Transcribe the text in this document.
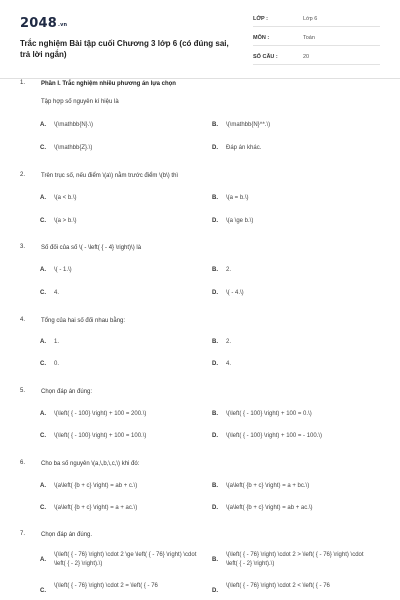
2048.vn
Trắc nghiệm Bài tập cuối Chương 3 lớp 6 (có đúng sai, trả lời ngắn)
LỚP :	Lớp 6
MÔN :	Toán
SỐ CÂU :	20
1.	Phần I. Trắc nghiệm nhiều phương án lựa chọn
Tập hợp số nguyên kí hiệu là
A. \(\mathbb{N}.\)	B. \(\mathbb{N}^*.\)
C. \(\mathbb{Z}.\)	D. Đáp án khác.
2.	Trên trục số, nếu điểm \(a\) nằm trước điểm \(b\) thì
A. \(a < b.\)	B. \(a = b.\)
C. \(a > b.\)	D. \(a \ge b.\)
3.	Số đối của số \( - \left( { - 4} \right)\) là
A. \( - 1.\)	B. 2.
C. 4.	D. \( - 4.\)
4.	Tổng của hai số đối nhau bằng:
A. 1.	B. 2.
C. 0.	D. 4.
5.	Chọn đáp án đúng:
A. \(\left( { - 100} \right) + 100 = 200.\)	B. \(\left( { - 100} \right) + 100 = 0.\)
C. \(\left( { - 100} \right) + 100 = 100.\)	D. \(\left( { - 100} \right) + 100 = - 100.\)
6.	Cho ba số nguyên \(a,\,b,\,c,\) khi đó:
A. \(a\left( {b + c} \right) = ab + c.\)	B. \(a\left( {b + c} \right) = a + bc.\)
C. \(a\left( {b + c} \right) = a + ac.\)	D. \(a\left( {b + c} \right) = ab + ac.\)
7.	Chọn đáp án đúng.
A.
\(\left( { - 76} \right) \cdot 2 \ge \left( { - 76} \right) \cdot \left( { - 2} \right).\)
B.
\(\left( { - 76} \right) \cdot 2 > \left( { - 76} \right) \cdot \left( { - 2} \right).\)
C.
\(\left( { - 76} \right) \cdot 2 = \left( { - 76
D.
\(\left( { - 76} \right) \cdot 2 < \left( { - 76
